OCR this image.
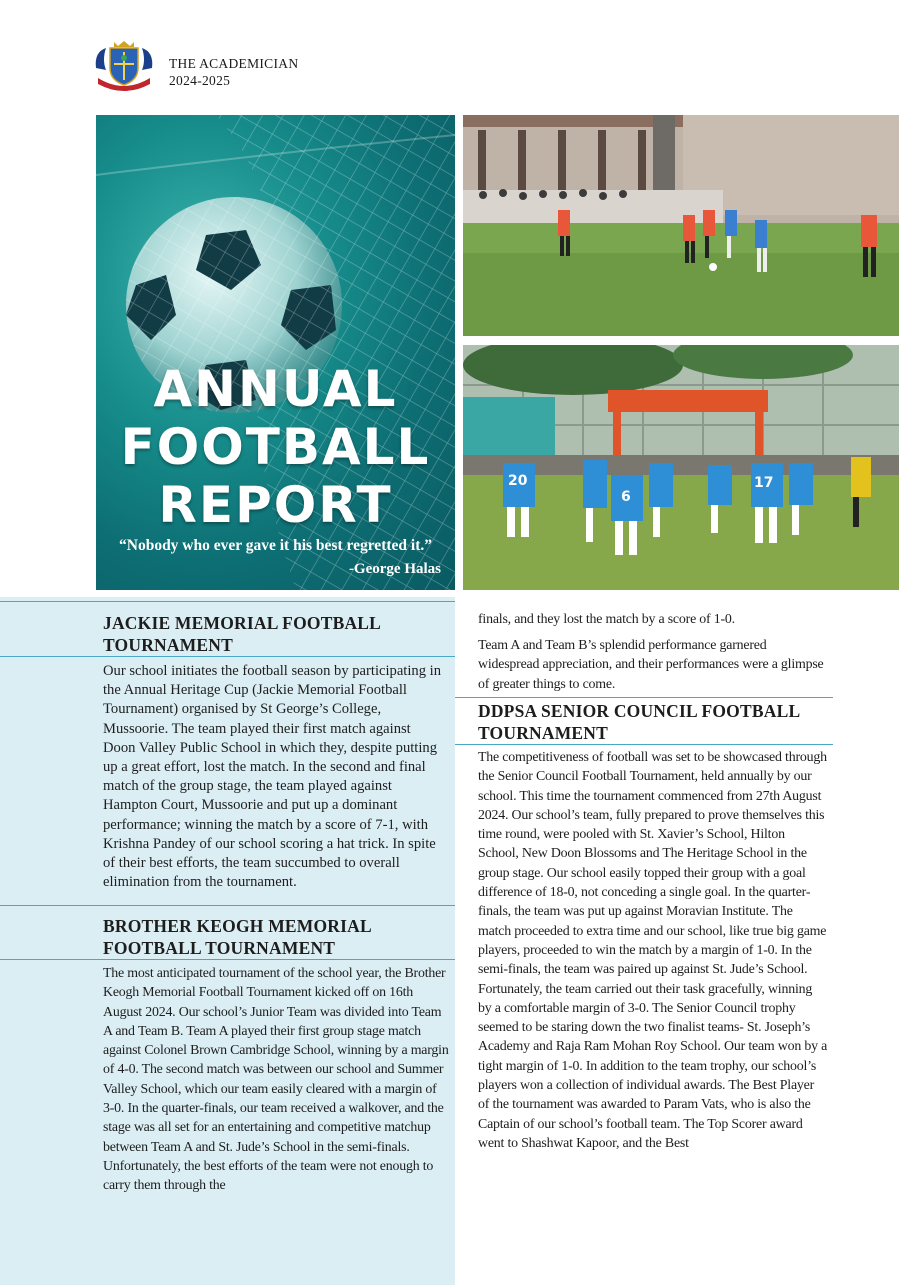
THE ACADEMICIAN
2024-2025
ANNUAL
FOOTBALL
REPORT
“Nobody who ever gave it his best regretted it.”
-George Halas
20
6
17
JACKIE MEMORIAL FOOTBALL TOURNAMENT

Our school initiates the football season by participating in the Annual Heritage Cup (Jackie Memorial Football Tournament) organised by St George’s College, Mussoorie. The team played their first match against Doon Valley Public School in which they, despite putting up a great effort, lost the match. In the second and final match of the group stage, the team played against Hampton Court, Mussoorie and put up a dominant performance; winning the match by a score of 7-1, with Krishna Pandey of our school scoring a hat trick. In spite of their best efforts, the team succumbed to overall elimination from the tournament.

BROTHER KEOGH MEMORIAL FOOTBALL TOURNAMENT

The most anticipated tournament of the school year, the Brother Keogh Memorial Football Tournament kicked off on 16th August 2024. Our school’s Junior Team was divided into Team A and Team B. Team A played their first group stage match against Colonel Brown Cambridge School, winning by a margin of 4-0. The second match was between our school and Summer Valley School, which our team easily cleared with a margin of 3-0. In the quarter-finals, our team received a walkover, and the stage was all set for an entertaining and competitive matchup between Team A and St. Jude’s School in the semi-finals. Unfortunately, the best efforts of the team were not enough to carry them through the

finals, and they lost the match by a score of 1-0.

Team A and Team B’s splendid performance garnered widespread appreciation, and their performances were a glimpse of greater things to come.

DDPSA SENIOR COUNCIL FOOTBALL TOURNAMENT

The competitiveness of football was set to be showcased through the Senior Council Football Tournament, held annually by our school. This time the tournament commenced from 27th August 2024. Our school’s team, fully prepared to prove themselves this time round, were pooled with St. Xavier’s School, Hilton School, New Doon Blossoms and The Heritage School in the group stage. Our school easily topped their group with a goal difference of 18-0, not conceding a single goal. In the quarter-finals, the team was put up against Moravian Institute. The match proceeded to extra time and our school, like true big game players, proceeded to win the match by a margin of 1-0. In the semi-finals, the team was paired up against St. Jude’s School. Fortunately, the team carried out their task gracefully, winning by a comfortable margin of 3-0. The Senior Council trophy seemed to be staring down the two finalist teams- St. Joseph’s Academy and Raja Ram Mohan Roy School. Our team won by a tight margin of 1-0. In addition to the team trophy, our school’s players won a collection of individual awards. The Best Player of the tournament was awarded to Param Vats, who is also the Captain of our school’s football team. The Top Scorer award went to Shashwat Kapoor, and the Best
